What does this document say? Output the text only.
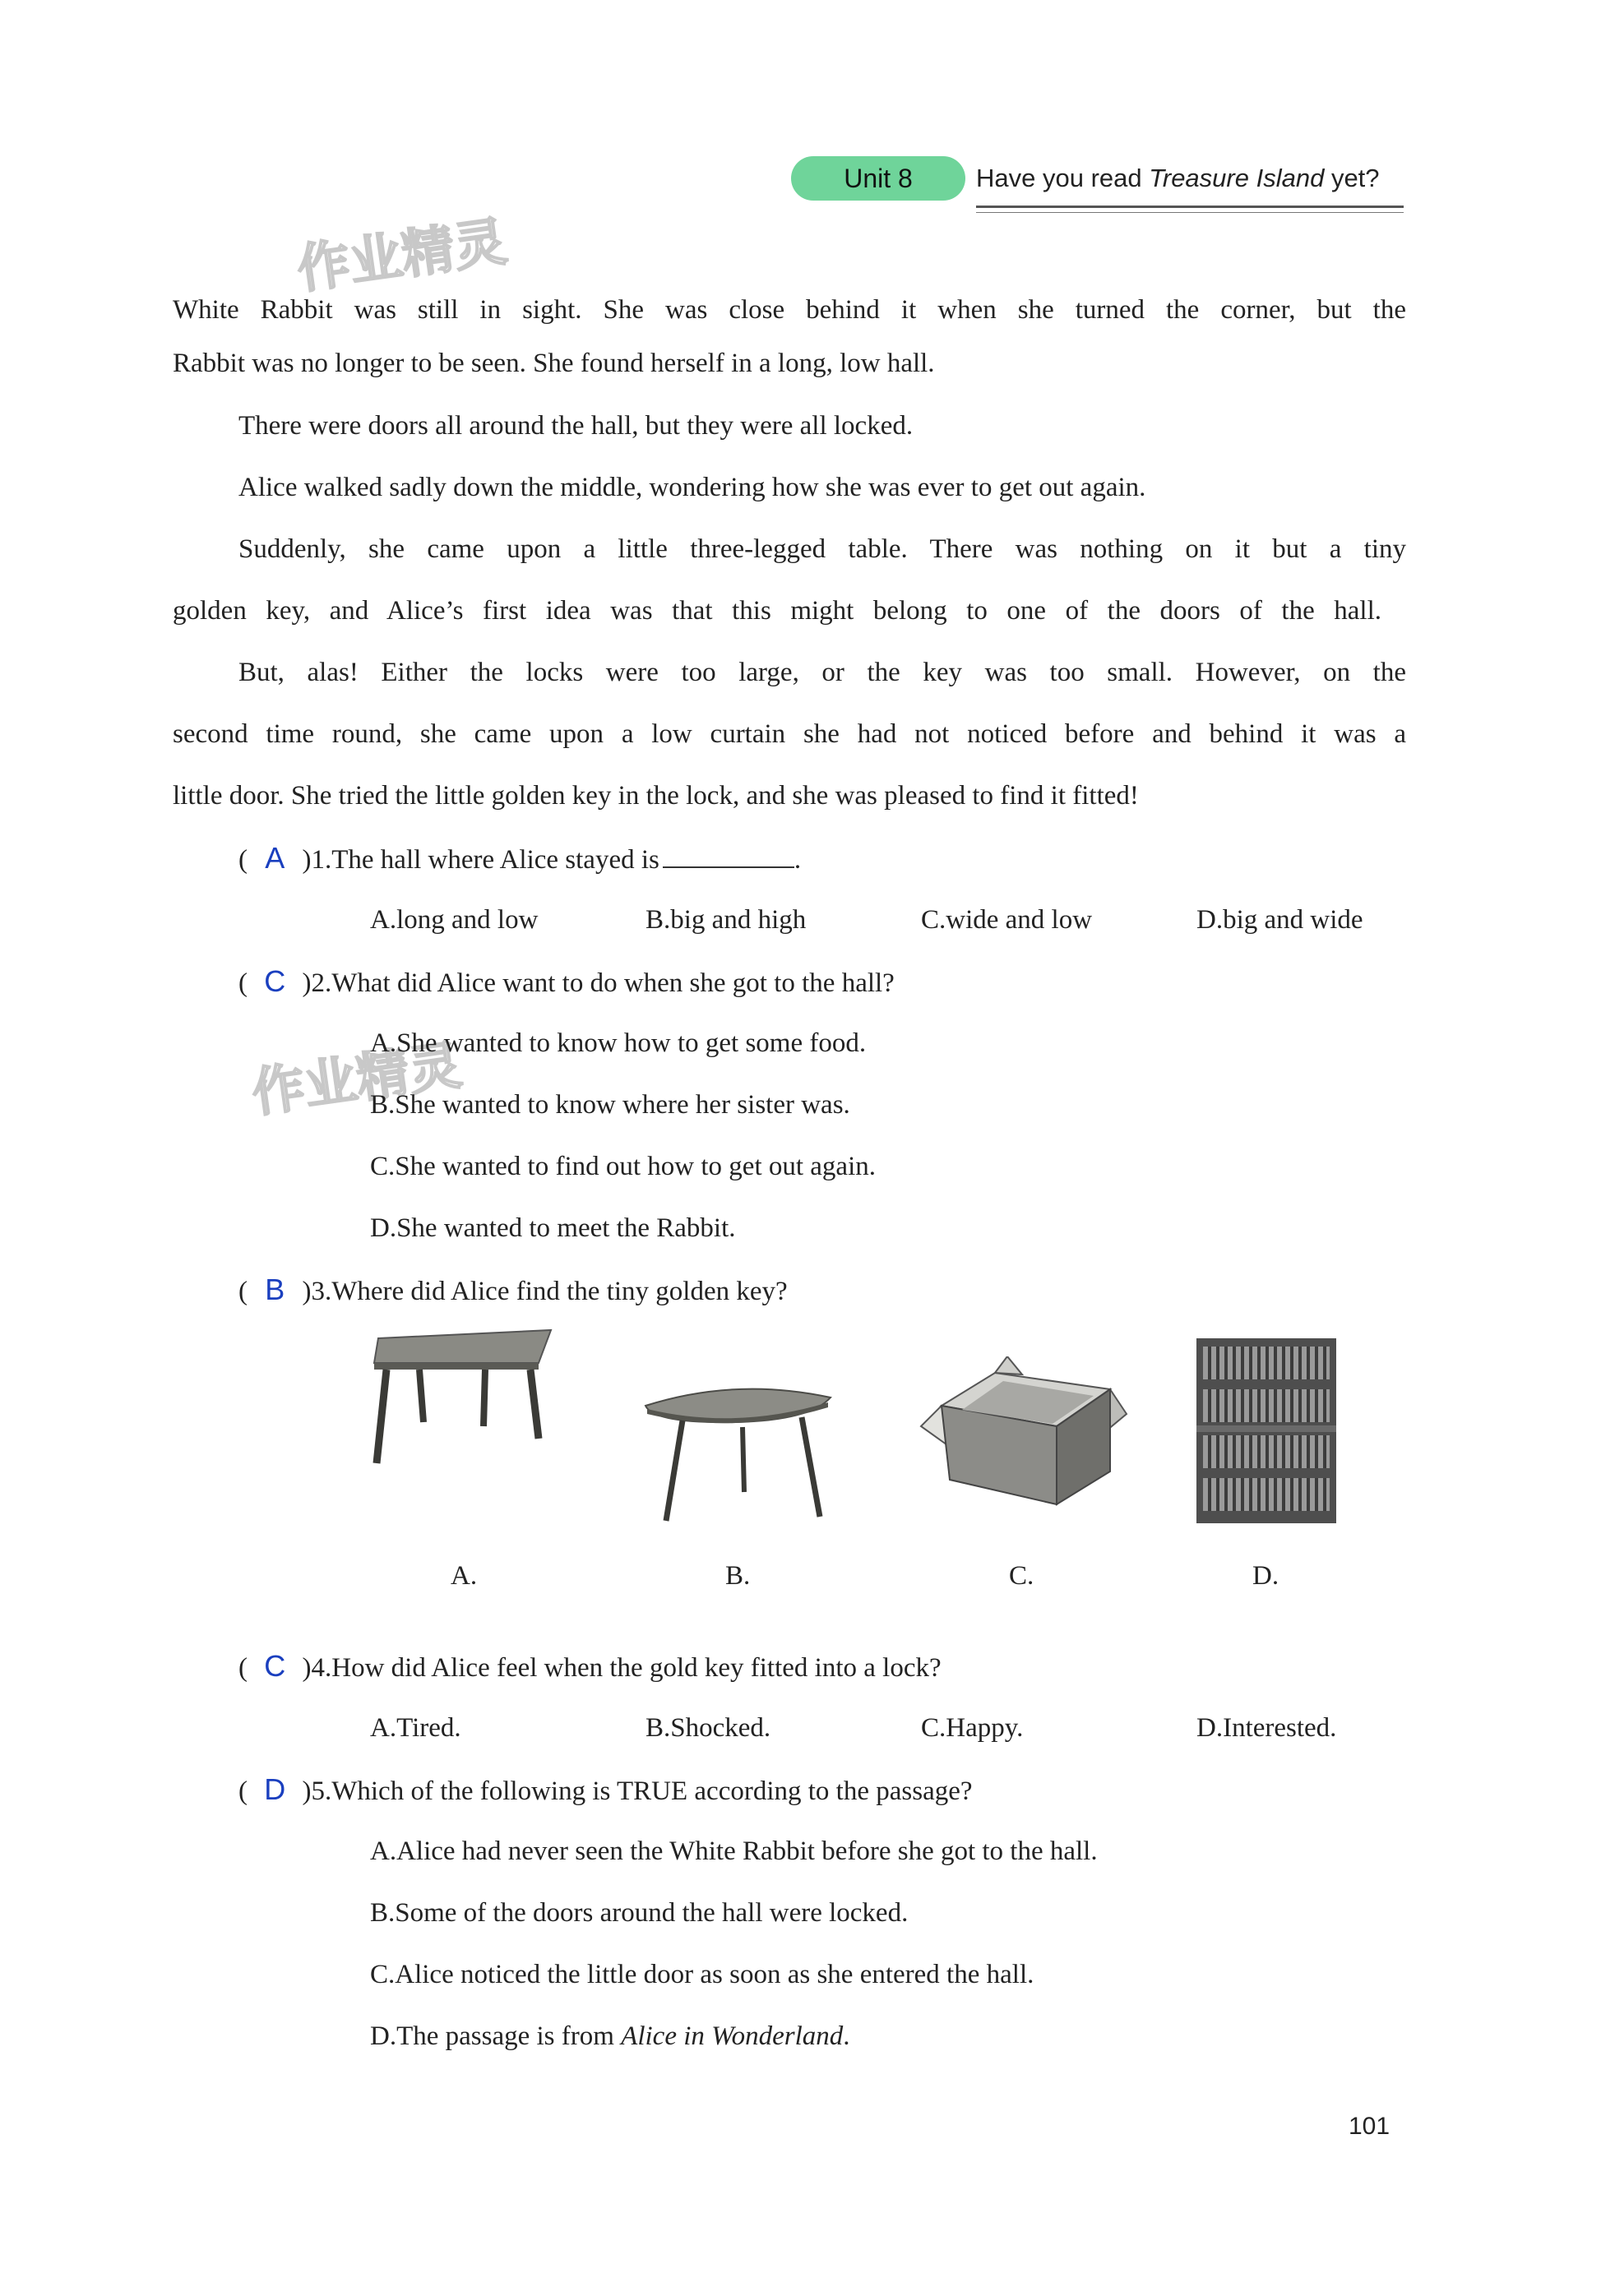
Unit 8	Have you read Treasure Island yet?
作业精灵
作业精灵
White Rabbit was still in sight. She was close behind it when she turned the corner, but the
Rabbit was no longer to be seen. She found herself in a long, low hall.
There were doors all around the hall, but they were all locked.
Alice walked sadly down the middle, wondering how she was ever to get out again.
Suddenly, she came upon a little three-legged table. There was nothing on it but a tiny
golden key, and Alice’s first idea was that this might belong to one of the doors of the hall.
But, alas! Either the locks were too large, or the key was too small. However, on the
second time round, she came upon a low curtain she had not noticed before and behind it was a
little door. She tried the little golden key in the lock, and she was pleased to find it fitted!
( A )1.The hall where Alice stayed is	.
A.long and low	B.big and high	C.wide and low	D.big and wide
( C )2.What did Alice want to do when she got to the hall?
A.She wanted to know how to get some food.
B.She wanted to know where her sister was.
C.She wanted to find out how to get out again.
D.She wanted to meet the Rabbit.
( B )3.Where did Alice find the tiny golden key?
A.	B.	C.	D.
( C )4.How did Alice feel when the gold key fitted into a lock?
A.Tired.	B.Shocked.	C.Happy.	D.Interested.
( D )5.Which of the following is TRUE according to the passage?
A.Alice had never seen the White Rabbit before she got to the hall.
B.Some of the doors around the hall were locked.
C.Alice noticed the little door as soon as she entered the hall.
D.The passage is from Alice in Wonderland.
101
